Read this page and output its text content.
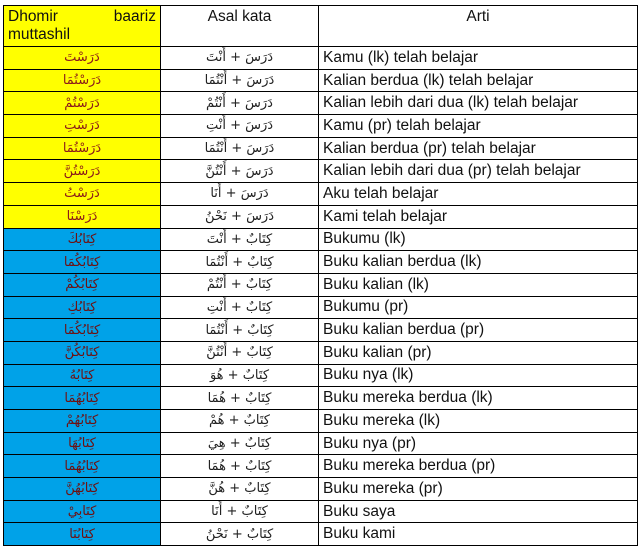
Dhomir baariz
muttashil	Asal kata	Arti
دَرَسْتَ	دَرَسَ + أَنْتَ	Kamu (lk) telah belajar
دَرَسْتُمَا	دَرَسَ + أَنْتُمَا	Kalian berdua (lk) telah belajar
دَرَسْتُمْ	دَرَسَ + أَنْتُمْ	Kalian lebih dari dua (lk) telah belajar
دَرَسْتِ	دَرَسَ + أَنْتِ	Kamu (pr) telah belajar
دَرَسْتُمَا	دَرَسَ + أَنْتُمَا	Kalian berdua (pr) telah belajar
دَرَسْتُنَّ	دَرَسَ + أَنْتُنَّ	Kalian lebih dari dua (pr) telah belajar
دَرَسْتُ	دَرَسَ + أَنَا	Aku telah belajar
دَرَسْنَا	دَرَسَ + نَحْنُ	Kami telah belajar
كِتَابُكَ	كِتَابٌ + أَنْتَ	Bukumu (lk)
كِتَابُكُمَا	كِتَابٌ + أَنْتُمَا	Buku kalian berdua (lk)
كِتَابُكُمْ	كِتَابٌ + أَنْتُمْ	Buku kalian (lk)
كِتَابُكِ	كِتَابٌ + أَنْتِ	Bukumu (pr)
كِتَابُكُمَا	كِتَابٌ + أَنْتُمَا	Buku kalian berdua (pr)
كِتَابُكُنَّ	كِتَابٌ + أَنْتُنَّ	Buku kalian (pr)
كِتَابُهُ	كِتَابٌ + هُوَ	Buku nya (lk)
كِتَابُهُمَا	كِتَابٌ + هُمَا	Buku mereka berdua (lk)
كِتَابُهُمْ	كِتَابٌ + هُمْ	Buku mereka (lk)
كِتَابُهَا	كِتَابٌ + هِيَ	Buku nya (pr)
كِتَابُهُمَا	كِتَابٌ + هُمَا	Buku mereka berdua (pr)
كِتَابُهُنَّ	كِتَابٌ + هُنَّ	Buku mereka (pr)
كِتَابِيْ	كِتَابٌ + أَنَا	Buku saya
كِتَابُنَا	كِتَابٌ + نَحْنُ	Buku kami
